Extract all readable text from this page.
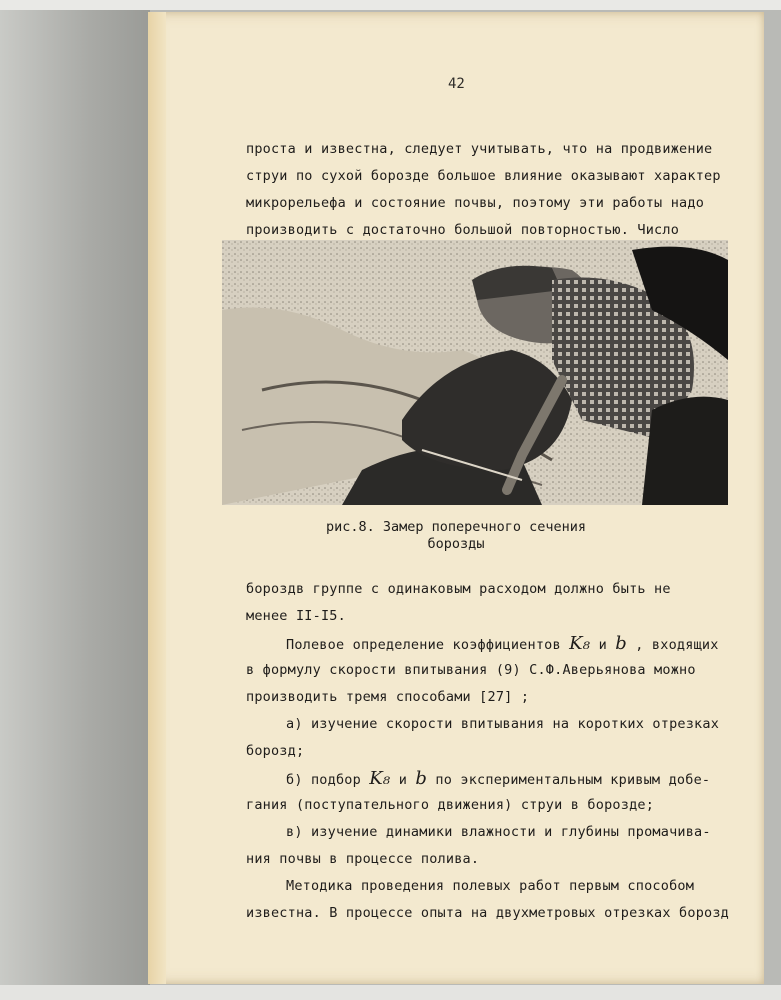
42
проста и известна, следует учитывать, что на продвижение
струи по сухой борозде большое влияние оказывают характер
микрорельефа и состояние почвы, поэтому эти работы надо
производить с достаточно большой повторностью. Число
рис.8. Замер поперечного сечения
борозды
бороздв группе с одинаковым расходом должно быть не
менее II-I5.
Полевое определение коэффициентов K₈ и b , входящих
в формулу скорости впитывания (9) С.Ф.Аверьянова можно
производить тремя способами [27] ;
а) изучение скорости впитывания на коротких отрезках
борозд;
б) подбор K₈ и b по экспериментальным кривым добе-
гания (поступательного движения) струи в борозде;
в) изучение динамики влажности и глубины промачива-
ния почвы в процессе полива.
Методика проведения полевых работ первым способом
известна. В процессе опыта на двухметровых отрезках борозд
